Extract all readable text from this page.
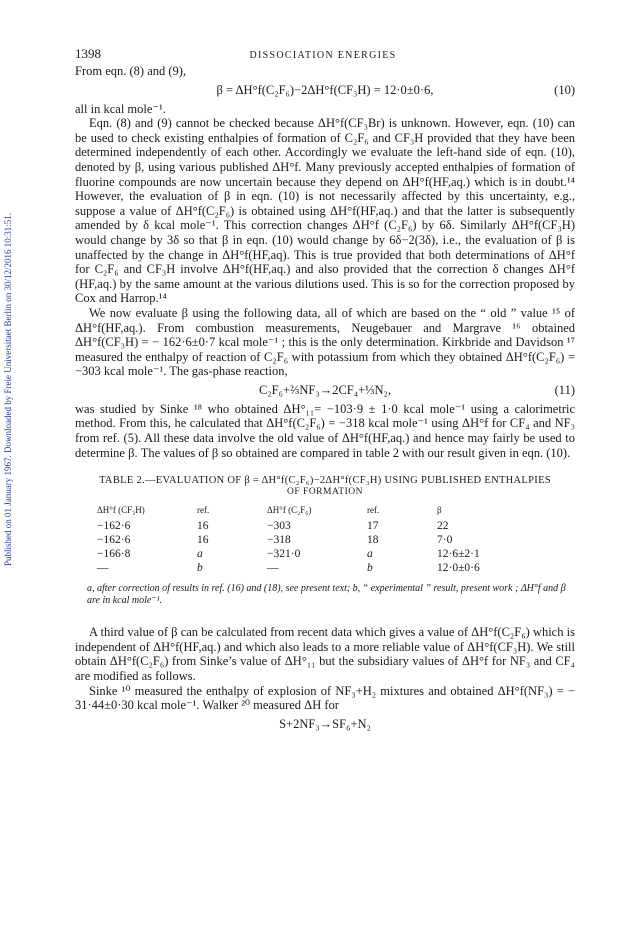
Published on 01 January 1967. Downloaded by Freie Universitaet Berlin on 30/12/2016 10:31:51.
1398	DISSOCIATION ENERGIES

From eqn. (8) and (9),

β = ΔH°f(C₂F₆)−2ΔH°f(CF₃H) = 12·0±0·6,	(10)

all in kcal mole⁻¹.

Eqn. (8) and (9) cannot be checked because ΔH°f(CF₃Br) is unknown. However, eqn. (10) can be used to check existing enthalpies of formation of C₂F₆ and CF₃H provided that they have been determined independently of each other. Accordingly we evaluate the left-hand side of eqn. (10), denoted by β, using various published ΔH°f. Many previously accepted enthalpies of formation of fluorine compounds are now uncertain because they depend on ΔH°f(HF,aq.) which is in doubt.¹⁴ However, the evaluation of β in eqn. (10) is not necessarily affected by this uncertainty, e.g., suppose a value of ΔH°f(C₂F₆) is obtained using ΔH°f(HF,aq.) and that the latter is subsequently amended by δ kcal mole⁻¹. This correction changes ΔH°f (C₂F₆) by 6δ. Similarly ΔH°f(CF₃H) would change by 3δ so that β in eqn. (10) would change by 6δ−2(3δ), i.e., the evaluation of β is unaffected by the change in ΔH°f(HF,aq). This is true provided that both determinations of ΔH°f for C₂F₆ and CF₃H involve ΔH°f(HF,aq.) and also provided that the correction δ changes ΔH°f (HF,aq.) by the same amount at the various dilutions used. This is so for the correction proposed by Cox and Harrop.¹⁴

We now evaluate β using the following data, all of which are based on the “ old ” value ¹⁵ of ΔH°f(HF,aq.). From combustion measurements, Neugebauer and Margrave ¹⁶ obtained ΔH°f(CF₃H) = − 162·6±0·7 kcal mole⁻¹ ; this is the only determination. Kirkbride and Davidson ¹⁷ measured the enthalpy of reaction of C₂F₆ with potassium from which they obtained ΔH°f(C₂F₆) = −303 kcal mole⁻¹. The gas-phase reaction,

C₂F₆+⅔NF₃→2CF₄+⅓N₂,	(11)

was studied by Sinke ¹⁸ who obtained ΔH°₁₁= −103·9 ± 1·0 kcal mole⁻¹ using a calorimetric method. From this, he calculated that ΔH°f(C₂F₆) = −318 kcal mole⁻¹ using ΔH°f for CF₄ and NF₃ from ref. (5). All these data involve the old value of ΔH°f(HF,aq.) and hence may fairly be used to determine β. The values of β so obtained are compared in table 2 with our result given in eqn. (10).

TABLE 2.—EVALUATION OF β = ΔH°f(C₂F₆)−2ΔH°f(CF₃H) USING PUBLISHED ENTHALPIES
OF FORMATION
ΔH°f (CF₃H)	ref.	ΔH°f (C₂F₆)	ref.	β
−162·6	16	−303	17	22
−162·6	16	−318	18	7·0
−166·8	a	−321·0	a	12·6±2·1
—	b	—	b	12·0±0·6
a, after correction of results in ref. (16) and (18), see present text; b, “ experimental ” result, present work ; ΔH°f and β are in kcal mole⁻¹.

A third value of β can be calculated from recent data which gives a value of ΔH°f(C₂F₆) which is independent of ΔH°f(HF,aq.) and which also leads to a more reliable value of ΔH°f(CF₃H). We still obtain ΔH°f(C₂F₆) from Sinke’s value of ΔH°₁₁ but the subsidiary values of ΔH°f for NF₃ and CF₄ are modified as follows.

Sinke ¹⁰ measured the enthalpy of explosion of NF₃+H₂ mixtures and obtained ΔH°f(NF₃) = − 31·44±0·30 kcal mole⁻¹. Walker ²⁰ measured ΔH for

S+2NF₃→SF₆+N₂
